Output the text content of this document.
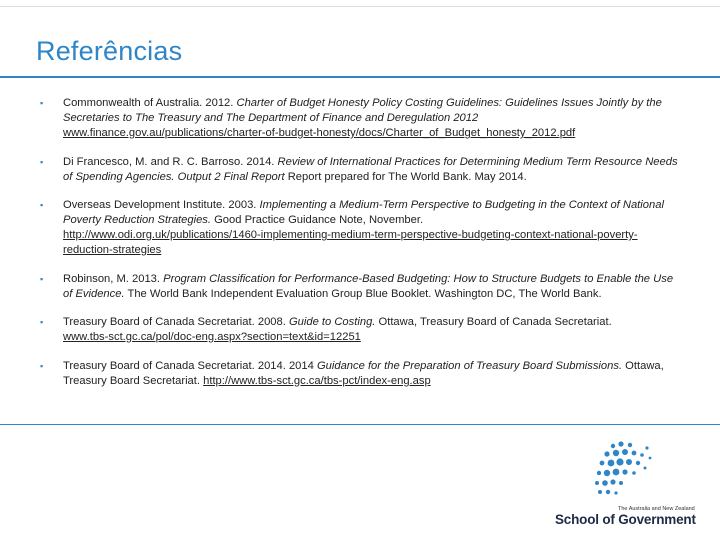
Referências
▪ Commonwealth of Australia. 2012. Charter of Budget Honesty Policy Costing Guidelines: Guidelines Issues Jointly by the Secretaries to The Treasury and The Department of Finance and Deregulation 2012
www.finance.gov.au/publications/charter-of-budget-honesty/docs/Charter_of_Budget_honesty_2012.pdf
▪ Di Francesco, M. and R. C. Barroso. 2014. Review of International Practices for Determining Medium Term Resource Needs of Spending Agencies. Output 2 Final Report Report prepared for The World Bank. May 2014.
▪ Overseas Development Institute. 2003. Implementing a Medium-Term Perspective to Budgeting in the Context of National Poverty Reduction Strategies. Good Practice Guidance Note, November.
http://www.odi.org.uk/publications/1460-implementing-medium-term-perspective-budgeting-context-national-poverty-reduction-strategies
▪ Robinson, M. 2013. Program Classification for Performance-Based Budgeting: How to Structure Budgets to Enable the Use of Evidence. The World Bank Independent Evaluation Group Blue Booklet. Washington DC, The World Bank.
▪ Treasury Board of Canada Secretariat. 2008. Guide to Costing. Ottawa, Treasury Board of Canada Secretariat.
www.tbs-sct.gc.ca/pol/doc-eng.aspx?section=text&id=12251
▪ Treasury Board of Canada Secretariat. 2014. 2014 Guidance for the Preparation of Treasury Board Submissions. Ottawa, Treasury Board Secretariat. http://www.tbs-sct.gc.ca/tbs-pct/index-eng.asp
The Australia and New Zealand
School of Government
